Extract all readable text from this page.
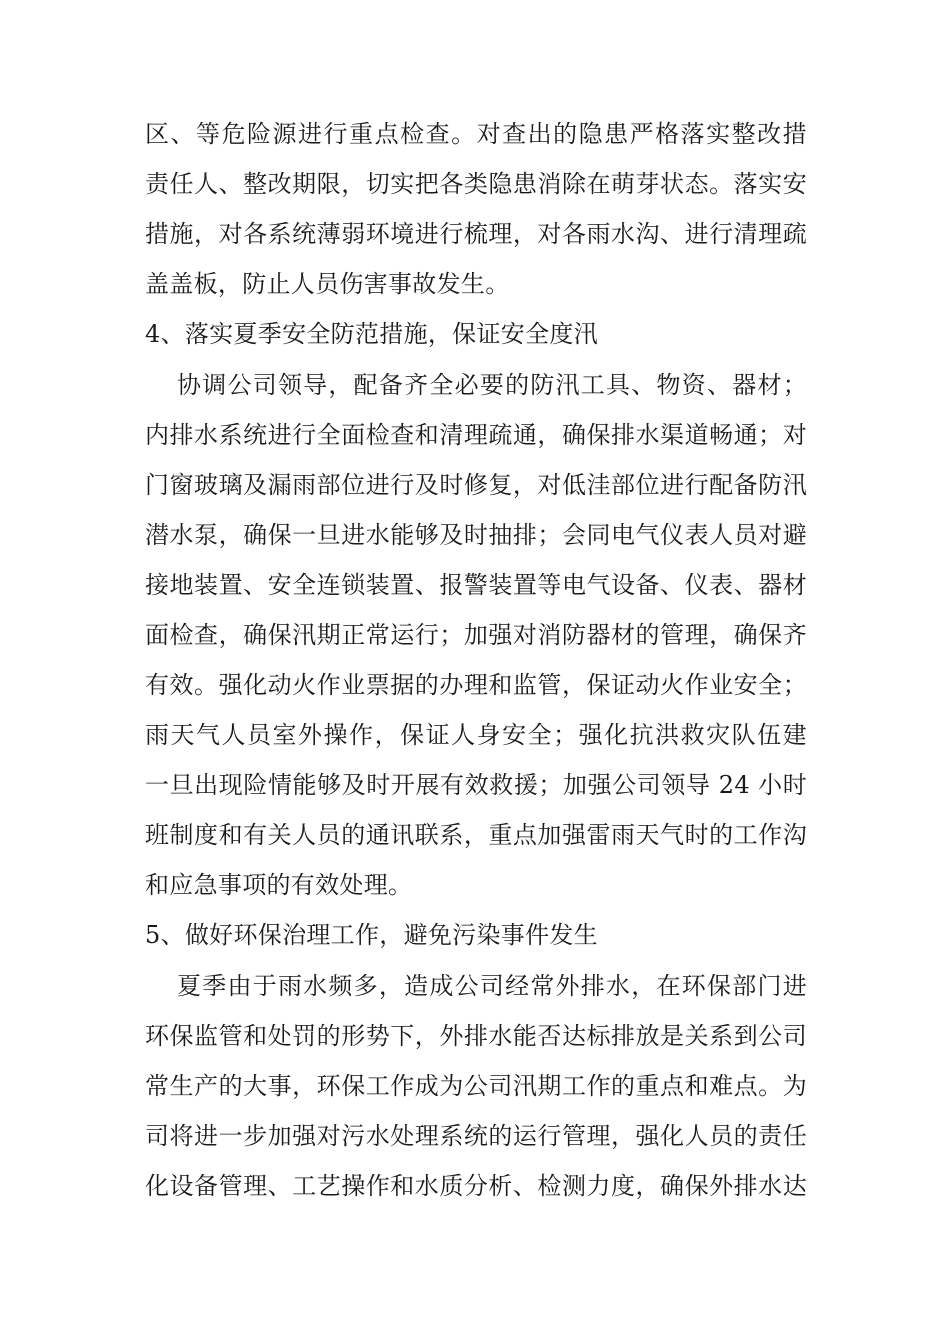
区、等危险源进行重点检查。对查出的隐患严格落实整改措
责任人、整改期限，切实把各类隐患消除在萌芽状态。落实安
措施，对各系统薄弱环境进行梳理，对各雨水沟、进行清理疏
盖盖板，防止人员伤害事故发生。
4、落实夏季安全防范措施，保证安全度汛
协调公司领导，配备齐全必要的防汛工具、物资、器材；
内排水系统进行全面检查和清理疏通，确保排水渠道畅通；对
门窗玻璃及漏雨部位进行及时修复，对低洼部位进行配备防汛
潜水泵，确保一旦进水能够及时抽排；会同电气仪表人员对避
接地装置、安全连锁装置、报警装置等电气设备、仪表、器材
面检查，确保汛期正常运行；加强对消防器材的管理，确保齐
有效。强化动火作业票据的办理和监管，保证动火作业安全；
雨天气人员室外操作，保证人身安全；强化抗洪救灾队伍建
一旦出现险情能够及时开展有效救援；加强公司领导 24 小时
班制度和有关人员的通讯联系，重点加强雷雨天气时的工作沟
和应急事项的有效处理。
5、做好环保治理工作，避免污染事件发生
夏季由于雨水频多，造成公司经常外排水，在环保部门进
环保监管和处罚的形势下，外排水能否达标排放是关系到公司
常生产的大事，环保工作成为公司汛期工作的重点和难点。为
司将进一步加强对污水处理系统的运行管理，强化人员的责任
化设备管理、工艺操作和水质分析、检测力度，确保外排水达
